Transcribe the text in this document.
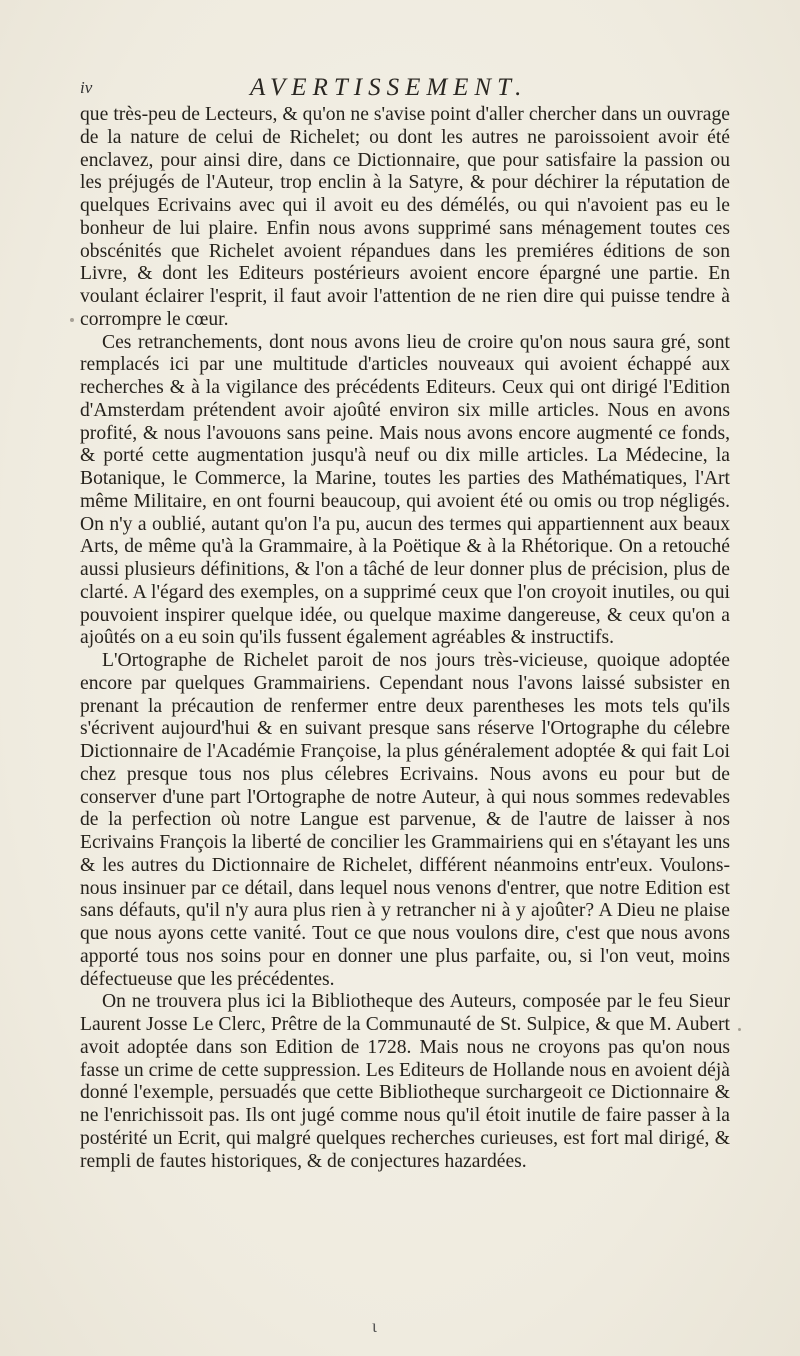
iv	AVERTISSEMENT.

que très-peu de Lecteurs, & qu'on ne s'avise point d'aller chercher dans un ouvrage de la nature de celui de Richelet; ou dont les autres ne paroissoient avoir été enclavez, pour ainsi dire, dans ce Dictionnaire, que pour satisfaire la passion ou les préjugés de l'Auteur, trop enclin à la Satyre, & pour déchirer la réputation de quelques Ecrivains avec qui il avoit eu des démélés, ou qui n'avoient pas eu le bonheur de lui plaire. Enfin nous avons supprimé sans ménagement toutes ces obscénités que Richelet avoient répandues dans les premiéres éditions de son Livre, & dont les Editeurs postérieurs avoient encore épargné une partie. En voulant éclairer l'esprit, il faut avoir l'attention de ne rien dire qui puisse tendre à corrompre le cœur.

Ces retranchements, dont nous avons lieu de croire qu'on nous saura gré, sont remplacés ici par une multitude d'articles nouveaux qui avoient échappé aux recherches & à la vigilance des précédents Editeurs. Ceux qui ont dirigé l'Edition d'Amsterdam prétendent avoir ajoûté environ six mille articles. Nous en avons profité, & nous l'avouons sans peine. Mais nous avons encore augmenté ce fonds, & porté cette augmentation jusqu'à neuf ou dix mille articles. La Médecine, la Botanique, le Commerce, la Marine, toutes les parties des Mathématiques, l'Art même Militaire, en ont fourni beaucoup, qui avoient été ou omis ou trop négligés. On n'y a oublié, autant qu'on l'a pu, aucun des termes qui appartiennent aux beaux Arts, de même qu'à la Grammaire, à la Poëtique & à la Rhétorique. On a retouché aussi plusieurs définitions, & l'on a tâché de leur donner plus de précision, plus de clarté. A l'égard des exemples, on a supprimé ceux que l'on croyoit inutiles, ou qui pouvoient inspirer quelque idée, ou quelque maxime dangereuse, & ceux qu'on a ajoûtés on a eu soin qu'ils fussent également agréables & instructifs.

L'Ortographe de Richelet paroit de nos jours très-vicieuse, quoique adoptée encore par quelques Grammairiens. Cependant nous l'avons laissé subsister en prenant la précaution de renfermer entre deux parenthesеs les mots tels qu'ils s'écrivent aujourd'hui & en suivant presque sans réserve l'Ortographe du célebre Dictionnaire de l'Académie Françoise, la plus généralement adoptée & qui fait Loi chez presque tous nos plus célebres Ecrivains. Nous avons eu pour but de conserver d'une part l'Ortographe de notre Auteur, à qui nous sommes redevables de la perfection où notre Langue est parvenue, & de l'autre de laisser à nos Ecrivains François la liberté de concilier les Grammairiens qui en s'étayant les uns & les autres du Dictionnaire de Richelet, différent néanmoins entr'eux. Voulons-nous insinuer par ce détail, dans lequel nous venons d'entrer, que notre Edition est sans défauts, qu'il n'y aura plus rien à y retrancher ni à y ajoûter? A Dieu ne plaise que nous ayons cette vanité. Tout ce que nous voulons dire, c'est que nous avons apporté tous nos soins pour en donner une plus parfaite, ou, si l'on veut, moins défectueuse que les précédentes.

On ne trouvera plus ici la Bibliotheque des Auteurs, composée par le feu Sieur Laurent Josse Le Clerc, Prêtre de la Communauté de St. Sulpice, & que M. Aubert avoit adoptée dans son Edition de 1728. Mais nous ne croyons pas qu'on nous fasse un crime de cette suppression. Les Editeurs de Hollande nous en avoient déjà donné l'exemple, persuadés que cette Bibliotheque surchargeoit ce Dictionnaire & ne l'enrichissoit pas. Ils ont jugé comme nous qu'il étoit inutile de faire passer à la postérité un Ecrit, qui malgré quelques recherches curieuses, est fort mal dirigé, & rempli de fautes historiques, & de conjectures hazardées.

ι
